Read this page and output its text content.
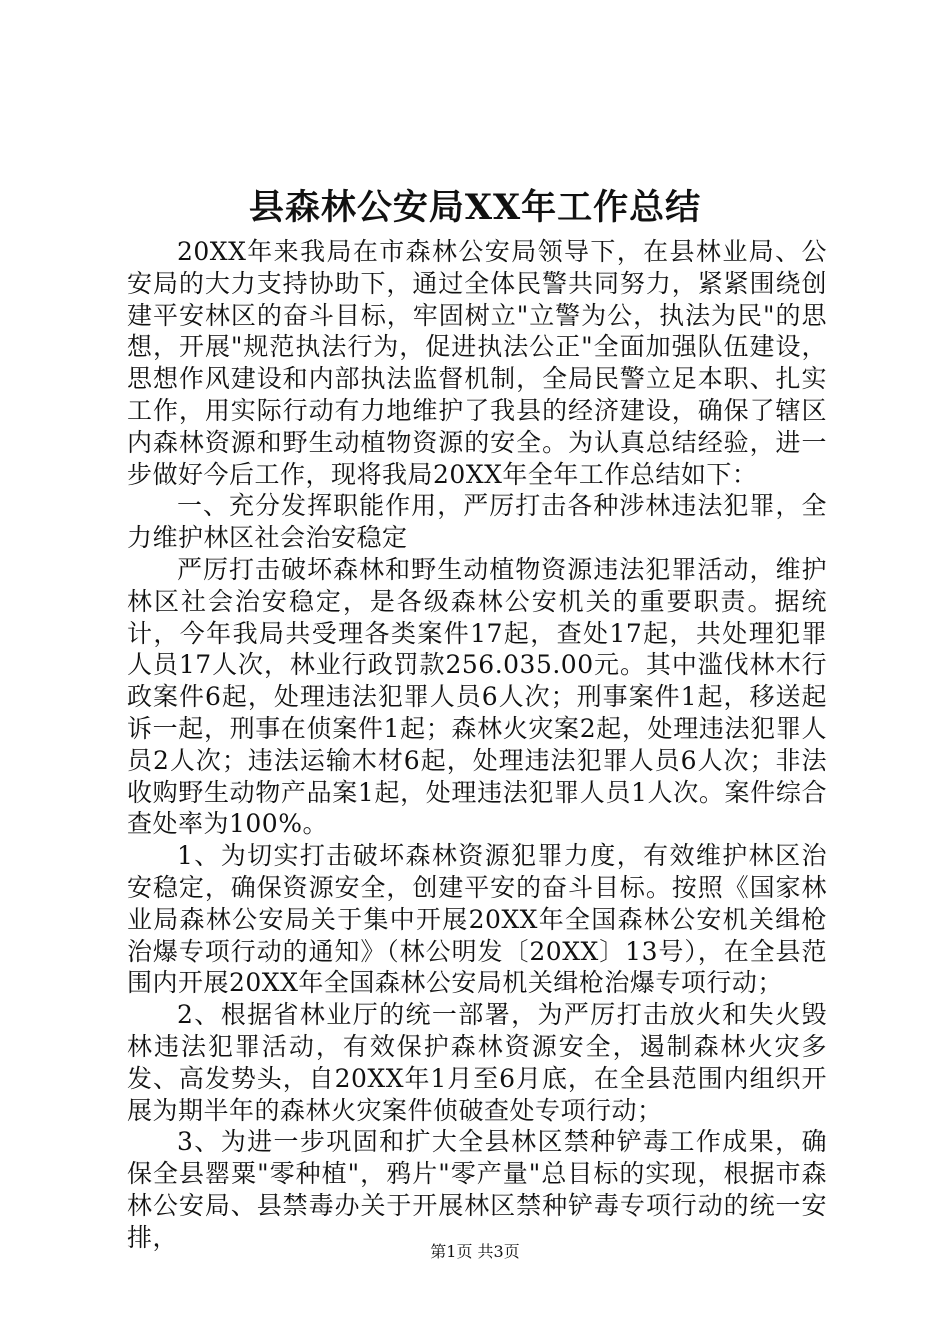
县森林公安局XX年工作总结

20XX年来我局在市森林公安局领导下，在县林业局、公安局的大力支持协助下，通过全体民警共同努力，紧紧围绕创建平安林区的奋斗目标，牢固树立"立警为公，执法为民"的思想，开展"规范执法行为，促进执法公正"全面加强队伍建设，思想作风建设和内部执法监督机制，全局民警立足本职、扎实工作，用实际行动有力地维护了我县的经济建设，确保了辖区内森林资源和野生动植物资源的安全。为认真总结经验，进一步做好今后工作，现将我局20XX年全年工作总结如下：

一、充分发挥职能作用，严厉打击各种涉林违法犯罪，全力维护林区社会治安稳定

严厉打击破坏森林和野生动植物资源违法犯罪活动，维护林区社会治安稳定，是各级森林公安机关的重要职责。据统计，今年我局共受理各类案件17起，查处17起，共处理犯罪人员17人次，林业行政罚款256.035.00元。其中滥伐林木行政案件6起，处理违法犯罪人员6人次；刑事案件1起，移送起诉一起，刑事在侦案件1起；森林火灾案2起，处理违法犯罪人员2人次；违法运输木材6起，处理违法犯罪人员6人次；非法收购野生动物产品案1起，处理违法犯罪人员1人次。案件综合查处率为100%。

1、为切实打击破坏森林资源犯罪力度，有效维护林区治安稳定，确保资源安全，创建平安的奋斗目标。按照《国家林业局森林公安局关于集中开展20XX年全国森林公安机关缉枪治爆专项行动的通知》（林公明发〔20XX〕13号），在全县范围内开展20XX年全国森林公安局机关缉枪治爆专项行动；

2、根据省林业厅的统一部署，为严厉打击放火和失火毁林违法犯罪活动，有效保护森林资源安全，遏制森林火灾多发、高发势头，自20XX年1月至6月底，在全县范围内组织开展为期半年的森林火灾案件侦破查处专项行动；

3、为进一步巩固和扩大全县林区禁种铲毒工作成果，确保全县罂粟"零种植"，鸦片"零产量"总目标的实现，根据市森林公安局、县禁毒办关于开展林区禁种铲毒专项行动的统一安排，	第1页 共3页
